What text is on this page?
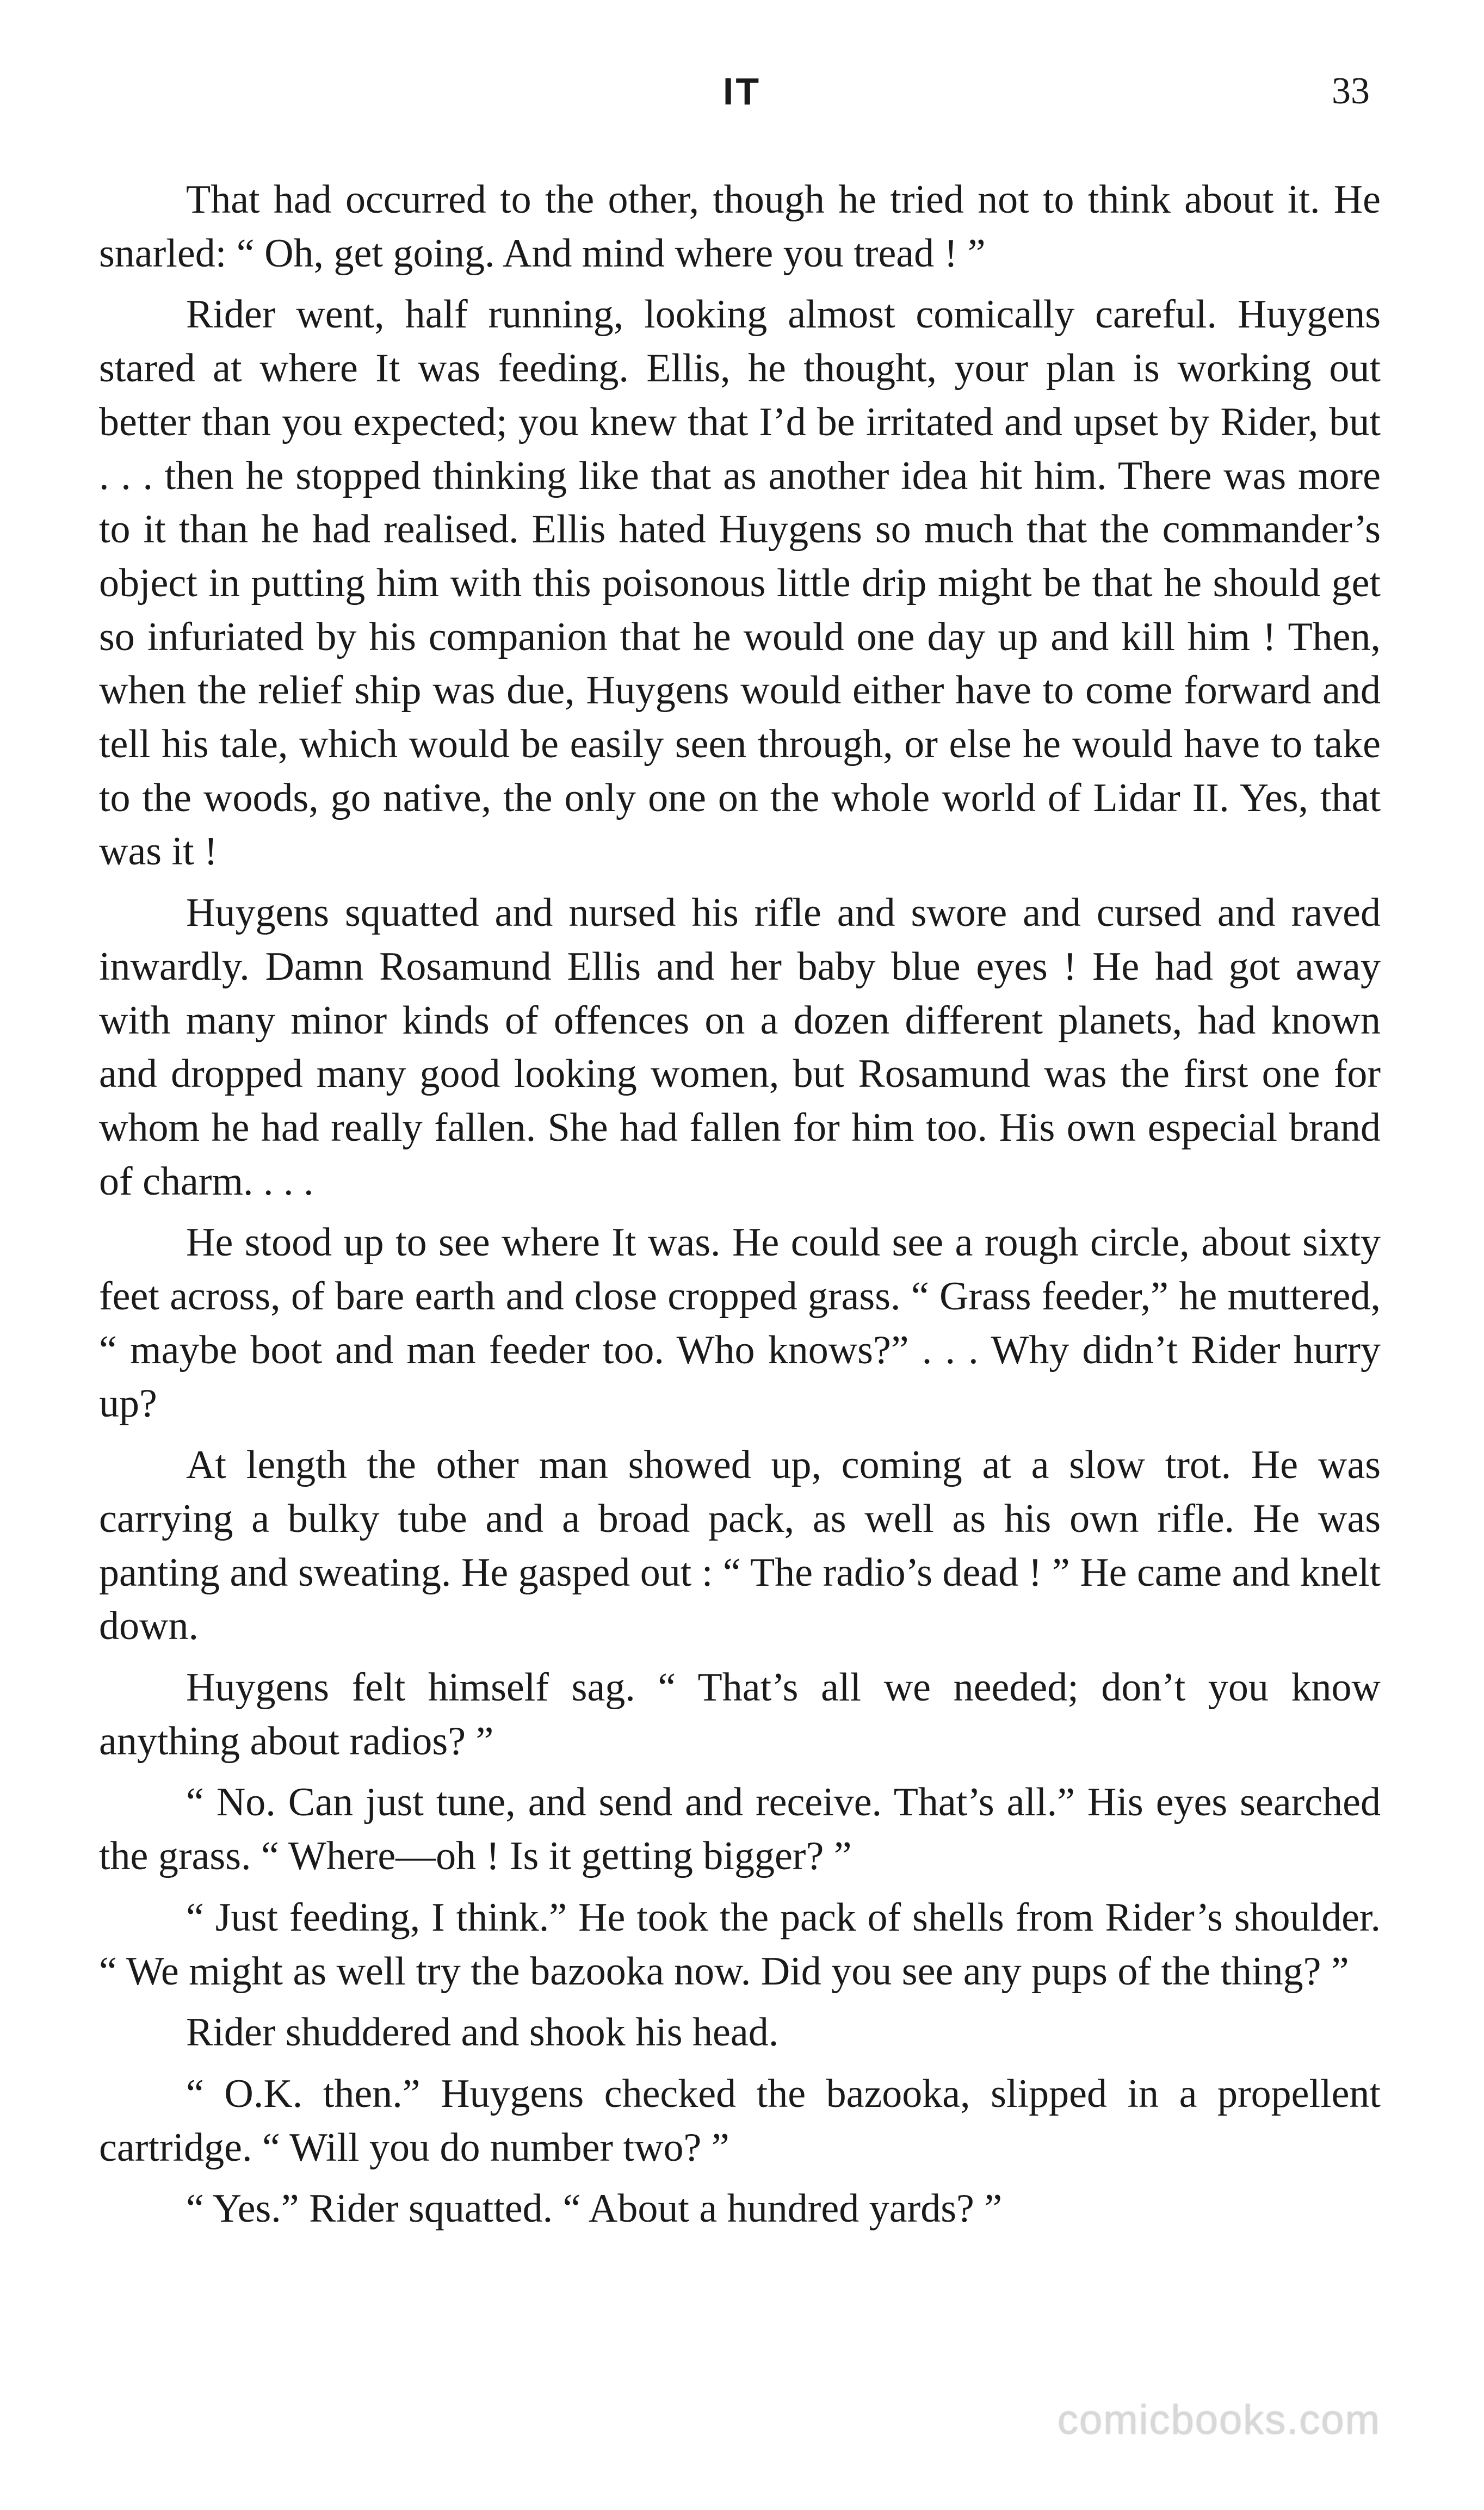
IT	33

That had occurred to the other, though he tried not to think about it. He snarled: “ Oh, get going. And mind where you tread ! ”

Rider went, half running, looking almost comically careful. Huygens stared at where It was feeding. Ellis, he thought, your plan is working out better than you expected; you knew that I’d be irritated and upset by Rider, but . . . then he stopped thinking like that as another idea hit him. There was more to it than he had realised. Ellis hated Huygens so much that the commander’s object in putting him with this poisonous little drip might be that he should get so infuriated by his companion that he would one day up and kill him ! Then, when the relief ship was due, Huygens would either have to come forward and tell his tale, which would be easily seen through, or else he would have to take to the woods, go native, the only one on the whole world of Lidar II. Yes, that was it !

Huygens squatted and nursed his rifle and swore and cursed and raved inwardly. Damn Rosamund Ellis and her baby blue eyes ! He had got away with many minor kinds of offences on a dozen different planets, had known and dropped many good looking women, but Rosamund was the first one for whom he had really fallen. She had fallen for him too. His own especial brand of charm. . . .

He stood up to see where It was. He could see a rough circle, about sixty feet across, of bare earth and close cropped grass. “ Grass feeder,” he muttered, “ maybe boot and man feeder too. Who knows?” . . . Why didn’t Rider hurry up?

At length the other man showed up, coming at a slow trot. He was carrying a bulky tube and a broad pack, as well as his own rifle. He was panting and sweating. He gasped out : “ The radio’s dead ! ” He came and knelt down.

Huygens felt himself sag. “ That’s all we needed; don’t you know anything about radios? ”

“ No. Can just tune, and send and receive. That’s all.” His eyes searched the grass. “ Where—oh ! Is it getting bigger? ”

“ Just feeding, I think.” He took the pack of shells from Rider’s shoulder. “ We might as well try the bazooka now. Did you see any pups of the thing? ”

Rider shuddered and shook his head.

“ O.K. then.” Huygens checked the bazooka, slipped in a propellent cartridge. “ Will you do number two? ”

“ Yes.” Rider squatted. “ About a hundred yards? ”

comicbooks.com
